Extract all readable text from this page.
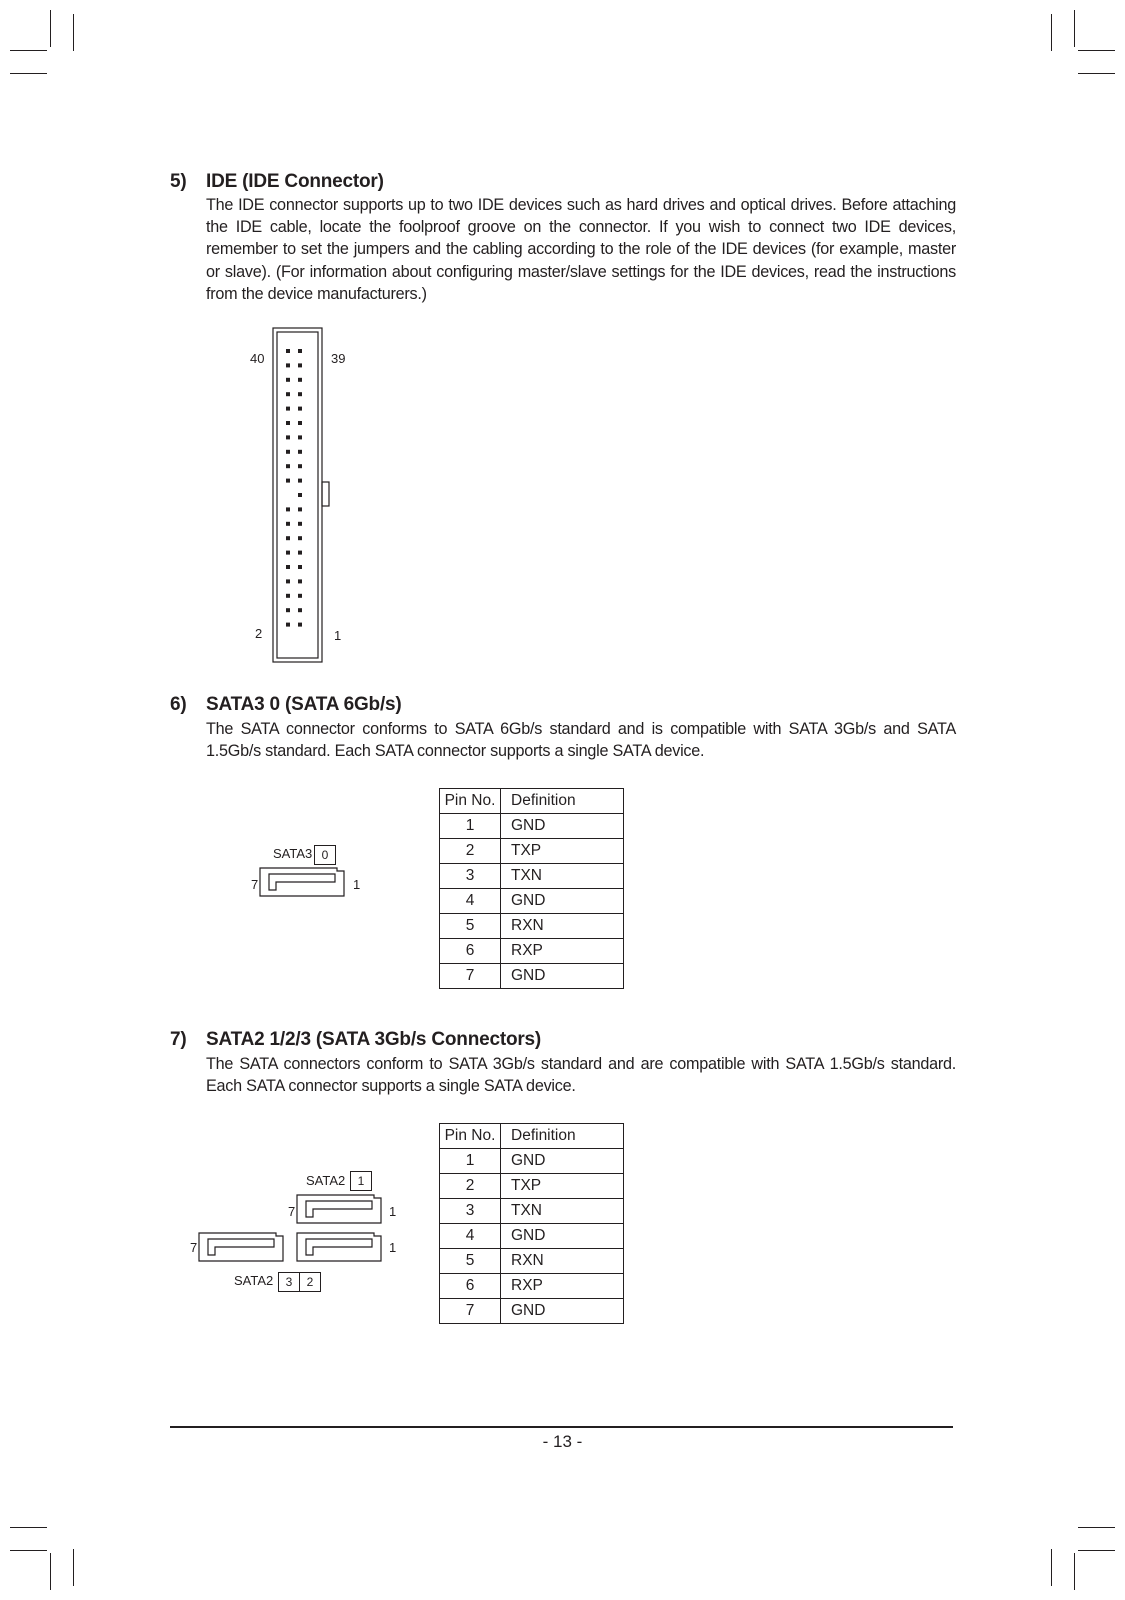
5) IDE (IDE Connector)
The IDE connector supports up to two IDE devices such as hard drives and optical drives. Before attaching the IDE cable, locate the foolproof groove on the connector. If you wish to connect two IDE devices, remember to set the jumpers and the cabling according to the role of the IDE devices (for example, master or slave). (For information about configuring master/slave settings for the IDE devices, read the instructions from the device manufacturers.)
40	39
2	1
6) SATA3 0 (SATA 6Gb/s)
The SATA connector conforms to SATA 6Gb/s standard and is compatible with SATA 3Gb/s and SATA 1.5Gb/s standard. Each SATA connector supports a single SATA device.
SATA3 0
7	1
Pin No.	Definition
1	GND
2	TXP
3	TXN
4	GND
5	RXN
6	RXP
7	GND
7) SATA2 1/2/3 (SATA 3Gb/s Connectors)
The SATA connectors conform to SATA 3Gb/s standard and are compatible with SATA 1.5Gb/s standard. Each SATA connector supports a single SATA device.
SATA2	1
7	1
7	1
SATA2	3	2
Pin No.	Definition
1	GND
2	TXP
3	TXN
4	GND
5	RXN
6	RXP
7	GND
- 13 -
